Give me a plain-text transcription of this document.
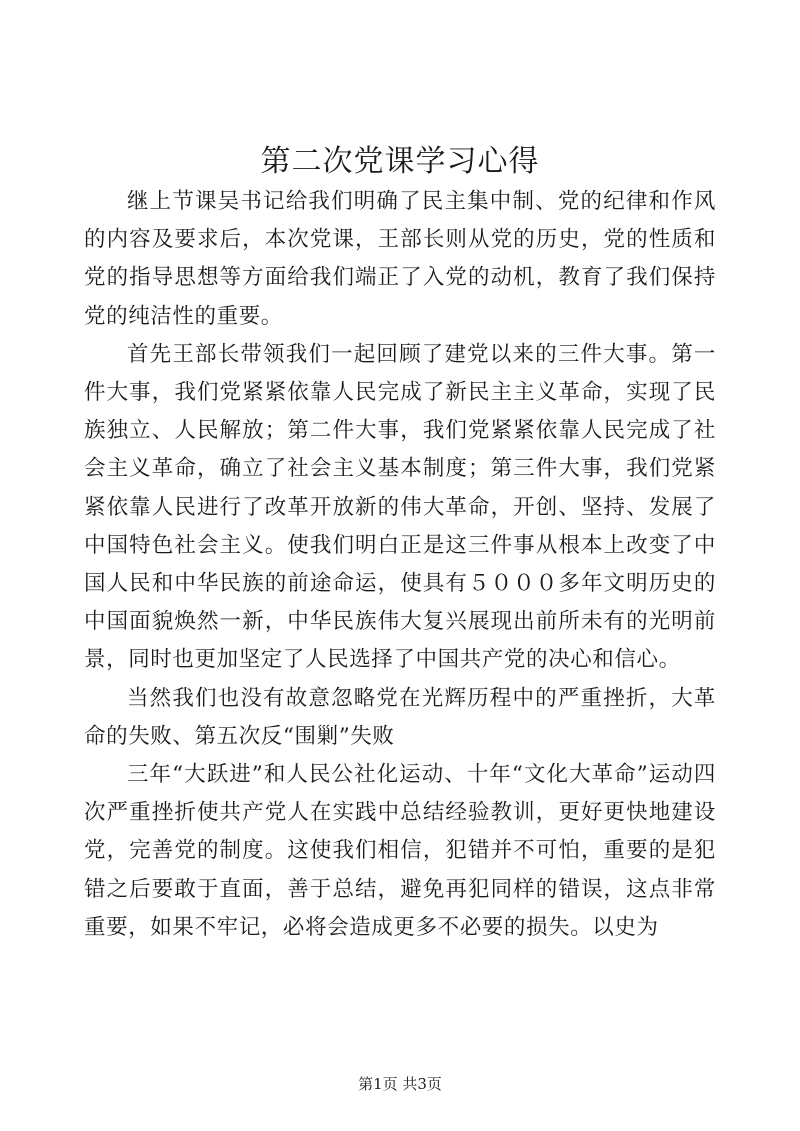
第二次党课学习心得

继上节课吴书记给我们明确了民主集中制、党的纪律和作风的内容及要求后，本次党课，王部长则从党的历史，党的性质和党的指导思想等方面给我们端正了入党的动机，教育了我们保持党的纯洁性的重要。

首先王部长带领我们一起回顾了建党以来的三件大事。第一件大事，我们党紧紧依靠人民完成了新民主主义革命，实现了民族独立、人民解放；第二件大事，我们党紧紧依靠人民完成了社会主义革命，确立了社会主义基本制度；第三件大事，我们党紧紧依靠人民进行了改革开放新的伟大革命，开创、坚持、发展了中国特色社会主义。使我们明白正是这三件事从根本上改变了中国人民和中华民族的前途命运，使具有５０００多年文明历史的中国面貌焕然一新，中华民族伟大复兴展现出前所未有的光明前景，同时也更加坚定了人民选择了中国共产党的决心和信心。

当然我们也没有故意忽略党在光辉历程中的严重挫折，大革命的失败、第五次反“围剿”失败

三年“大跃进”和人民公社化运动、十年“文化大革命”运动四次严重挫折使共产党人在实践中总结经验教训，更好更快地建设党，完善党的制度。这使我们相信，犯错并不可怕，重要的是犯错之后要敢于直面，善于总结，避免再犯同样的错误，这点非常重要，如果不牢记，必将会造成更多不必要的损失。以史为

第1页 共3页
